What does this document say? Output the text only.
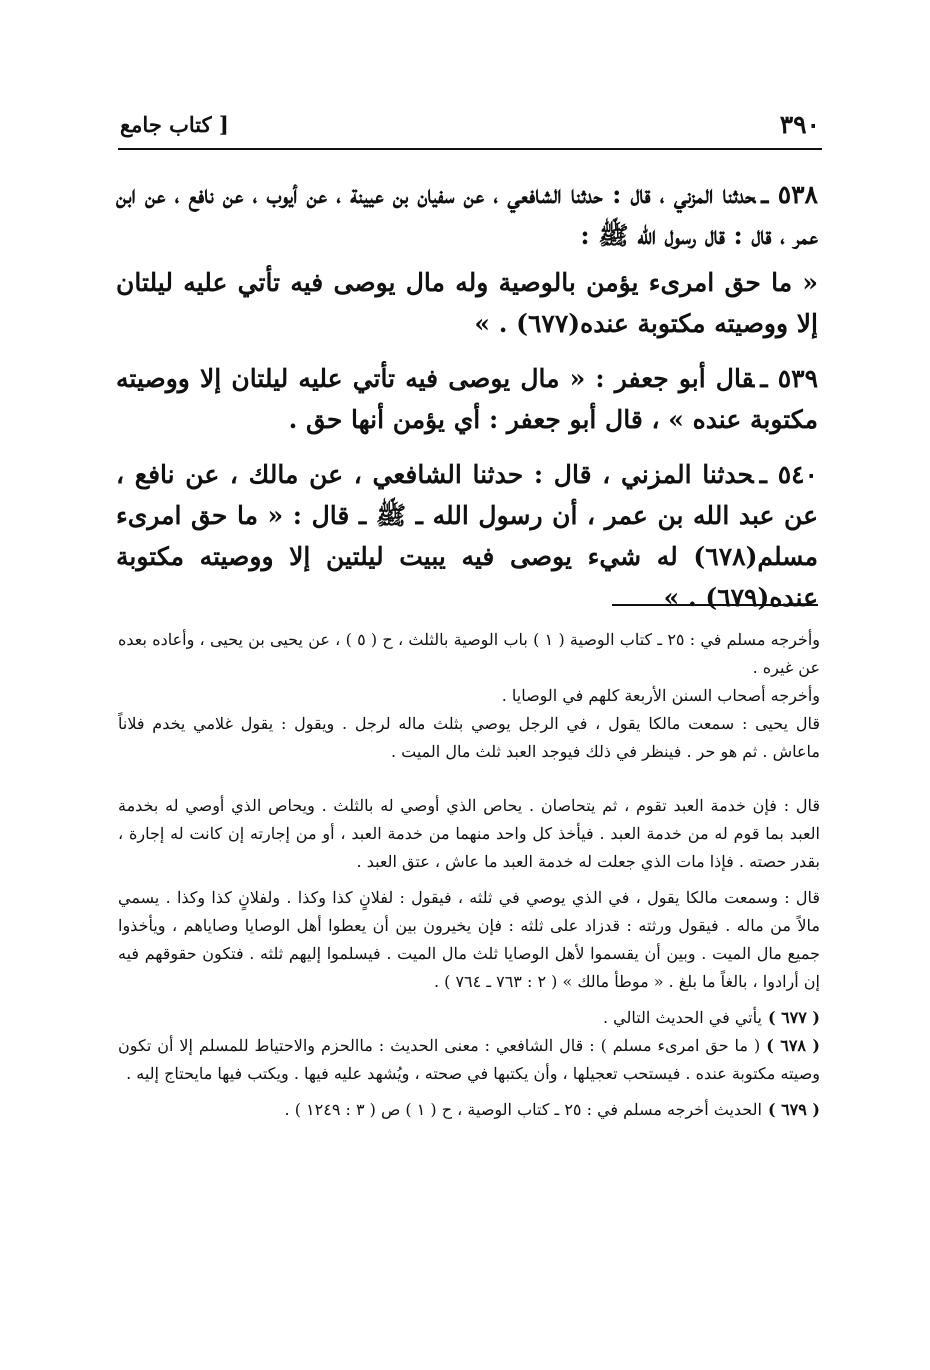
٣٩٠
[ كتاب جامع

٥٣٨ ـحدثنا المزني ، قال : حدثنا الشافعي ، عن سفيان بن عيينة ، عن أيوب ، عن نافع ، عن ابن عمر ، قال : قال رسول الله ﷺ :

« ما حق امرىء يؤمن بالوصية وله مال يوصى فيه تأتي عليه ليلتان إلا ووصيته مكتوبة عنده(٦٧٧) . »

٥٣٩ ـقال أبو جعفر : « مال يوصى فيه تأتي عليه ليلتان إلا ووصيته مكتوبة عنده » ، قال أبو جعفر : أي يؤمن أنها حق .

٥٤٠ ـحدثنا المزني ، قال : حدثنا الشافعي ، عن مالك ، عن نافع ، عن عبد الله بن عمر ، أن رسول الله ـ ﷺ ـ قال : « ما حق امرىء مسلم(٦٧٨) له شيء يوصى فيه يبيت ليلتين إلا ووصيته مكتوبة عنده(٦٧٩) . »

وأخرجه مسلم في : ٢٥ ـ كتاب الوصية ( ١ ) باب الوصية بالثلث ، ح ( ٥ ) ، عن يحيى بن يحيى ، وأعاده بعده عن غيره .

وأخرجه أصحاب السنن الأربعة كلهم في الوصايا .

قال يحيى : سمعت مالكا يقول ، في الرجل يوصي بثلث ماله لرجل . ويقول : يقول غلامي يخدم فلاناً ماعاش . ثم هو حر . فينظر في ذلك فيوجد العبد ثلث مال الميت .

قال : فإن خدمة العبد تقوم ، ثم يتحاصان . يحاص الذي أوصي له بالثلث . ويحاص الذي أوصي له بخدمة العبد بما قوم له من خدمة العبد . فيأخذ كل واحد منهما من خدمة العبد ، أو من إجارته إن كانت له إجارة ، بقدر حصته . فإذا مات الذي جعلت له خدمة العبد ما عاش ، عتق العبد .

قال : وسمعت مالكا يقول ، في الذي يوصي في ثلثه ، فيقول : لفلانٍ كذا وكذا . ولفلانٍ كذا وكذا . يسمي مالاً من ماله . فيقول ورثته : قدزاد على ثلثه : فإن يخيرون بين أن يعطوا أهل الوصايا وصاياهم ، ويأخذوا جميع مال الميت . وبين أن يقسموا لأهل الوصايا ثلث مال الميت . فيسلموا إليهم ثلثه . فتكون حقوقهم فيه إن أرادوا ، بالغاً ما بلغ . « موطأ مالك » ( ٢ : ٧٦٣ ـ ٧٦٤ ) .

( ٦٧٧ )يأتي في الحديث التالي .

( ٦٧٨ )( ما حق امرىء مسلم ) : قال الشافعي : معنى الحديث : ماالحزم والاحتياط للمسلم إلا أن تكون وصيته مكتوبة عنده . فيستحب تعجيلها ، وأن يكتبها في صحته ، ويُشهد عليه فيها . ويكتب فيها مايحتاج إليه .

( ٦٧٩ )الحديث أخرجه مسلم في : ٢٥ ـ كتاب الوصية ، ح ( ١ ) ص ( ٣ : ١٢٤٩ ) .
